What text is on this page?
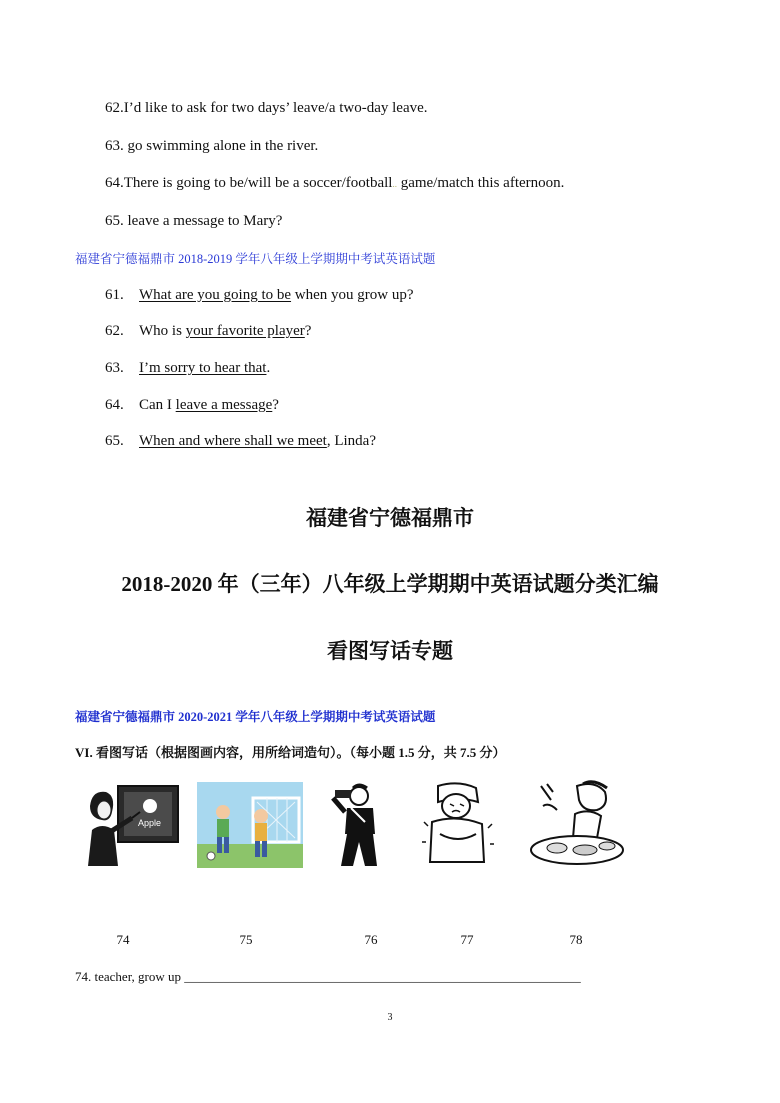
62.I’d like to ask for two days’ leave/a two-day leave.
63. go swimming alone in the river.
64.There is going to be/will be a soccer/football.. game/match this afternoon.
65. leave a message to Mary?
福建省宁德福鼎市 2018-2019 学年八年级上学期期中考试英语试题
61. What are you going to be when you grow up?
62. Who is your favorite player?
63. I’m sorry to hear that.
64. Can I leave a message?
65. When and where shall we meet, Linda?
福建省宁德福鼎市
2018-2020 年（三年）八年级上学期期中英语试题分类汇编
看图写话专题
福建省宁德福鼎市 2020-2021 学年八年级上学期期中考试英语试题
VI. 看图写话（根据图画内容，用所给词造句）。（每小题 1.5 分，共 7.5 分）
Apple
74	75	76	77	78
74. teacher, grow up _____________________________________________________________
3
